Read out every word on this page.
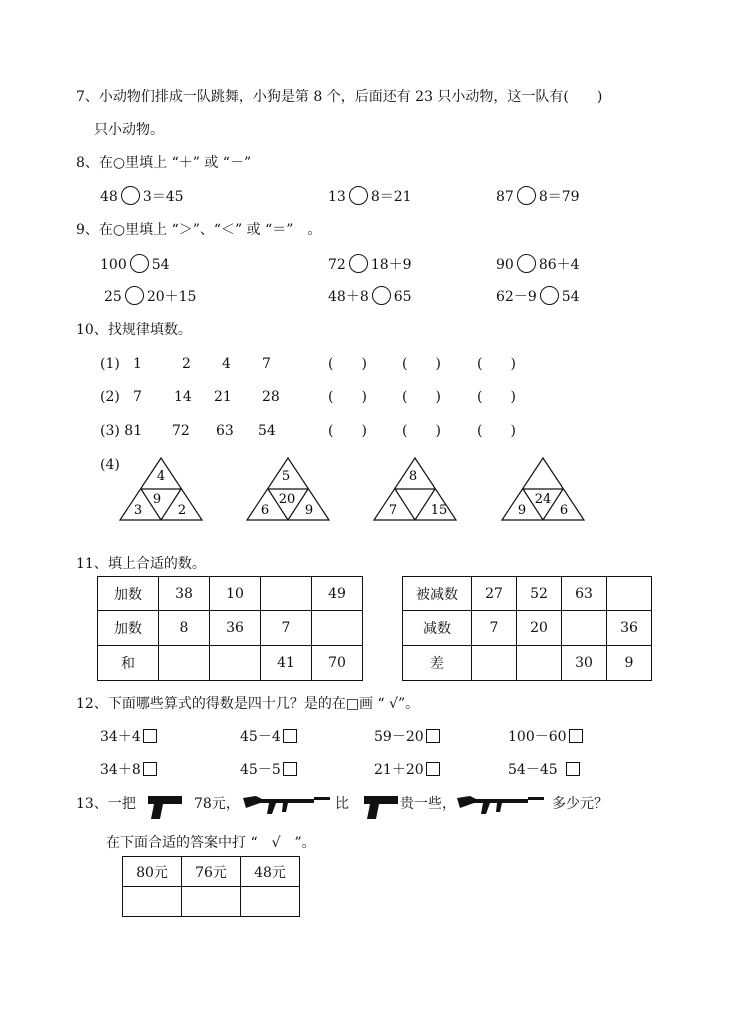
7、小动物们排成一队跳舞，小狗是第 8 个，后面还有 23 只小动物，这一队有(　　)
只小动物。
8、在○里填上 “＋” 或 “－”
48 3＝45	13 8＝21	87 8＝79
9、在○里填上 “＞”、“＜” 或 “＝”　。
100 54	72 18＋9	90 86＋4
25 20＋15	48＋8 65	62－9 54
10、找规律填数。
(1) 1	2 4 7	(　　)	(　　)	(　　)
(2) 7 14 21 28	(　　)	(　　)	(　　)
(3) 81 72 63 54	(　　)	(　　)	(　　)
(4)
4
9
3	2
5
20
6	9
8
7	15
24
9	6
11、填上合适的数。
加数	38	10		49
加数	8	36	7	
和			41	70
被减数	27	52	63	
减数	7	20		36
差			30	9
12、下面哪些算式的得数是四十几？是的在□画 “ √”。
34＋4	45－4	59－20	100－60
34＋8	45－5	21＋20	54－45
13、一把	78元，	比	贵一些，	多少元？
在下面合适的答案中打 “　√　”。
80元	76元	48元
